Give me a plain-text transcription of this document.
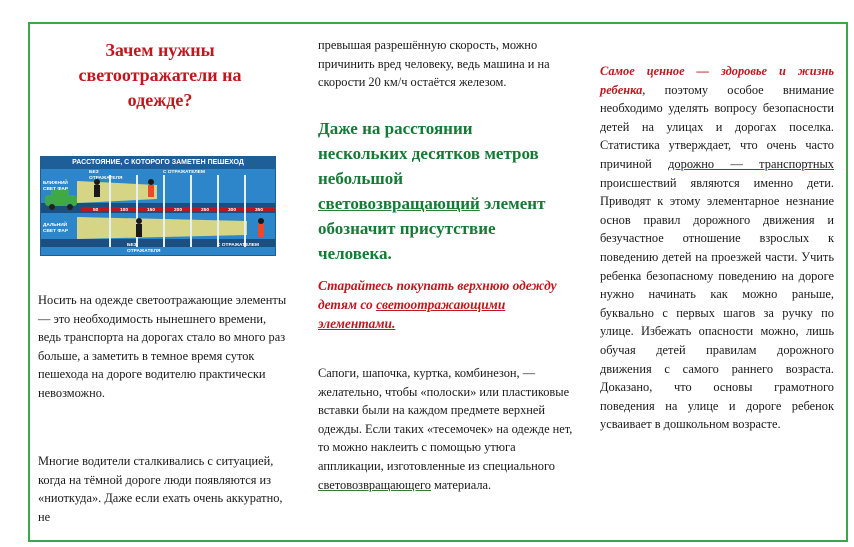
Зачем нужны светоотражатели на одежде?

РАССТОЯНИЕ, С КОТОРОГО ЗАМЕТЕН ПЕШЕХОД

БЛИЖНИЙ СВЕТ ФАР

ДАЛЬНИЙ СВЕТ ФАР

БЕЗ ОТРАЖАТЕЛЯ

С ОТРАЖАТЕЛЕМ

БЕЗ ОТРАЖАТЕЛЯ

С ОТРАЖАТЕЛЕМ

50	100	150	200	250	300	350

Носить на одежде светоотражающие элементы — это необходимость нынешнего времени, ведь транспорта на дорогах стало во много раз больше, а заметить в темное время суток пешехода на дороге водителю практически невозможно.

Многие водители сталкивались с ситуацией, когда на тёмной дороге люди появляются из «ниоткуда». Даже если ехать очень аккуратно, не

превышая разрешённую скорость, можно причинить вред человеку, ведь машина и на скорости 20 км/ч остаётся железом.

Даже на расстоянии нескольких десятков метров небольшой световозвращающий элемент обозначит присутствие человека.

Старайтесь покупать верхнюю одежду детям со светоотражающими элементами.

Сапоги, шапочка, куртка, комбинезон, — желательно, чтобы «полоски» или пластиковые вставки были на каждом предмете верхней одежды. Если таких «тесемочек» на одежде нет, то можно наклеить с помощью утюга аппликации, изготовленные из специального световозвращающего материала.

Самое ценное — здоровье и жизнь ребенка, поэтому особое внимание необходимо уделять вопросу безопасности детей на улицах и дорогах поселка. Статистика утверждает, что очень часто причиной дорожно — транспортных происшествий являются именно дети. Приводят к этому элементарное незнание основ правил дорожного движения и безучастное отношение взрослых к поведению детей на проезжей части. Учить ребенка безопасному поведению на дороге нужно начинать как можно раньше, буквально с первых шагов за ручку по улице. Избежать опасности можно, лишь обучая детей правилам дорожного движения с самого раннего возраста. Доказано, что основы грамотного поведения на улице и дороге ребенок усваивает в дошкольном возрасте.
